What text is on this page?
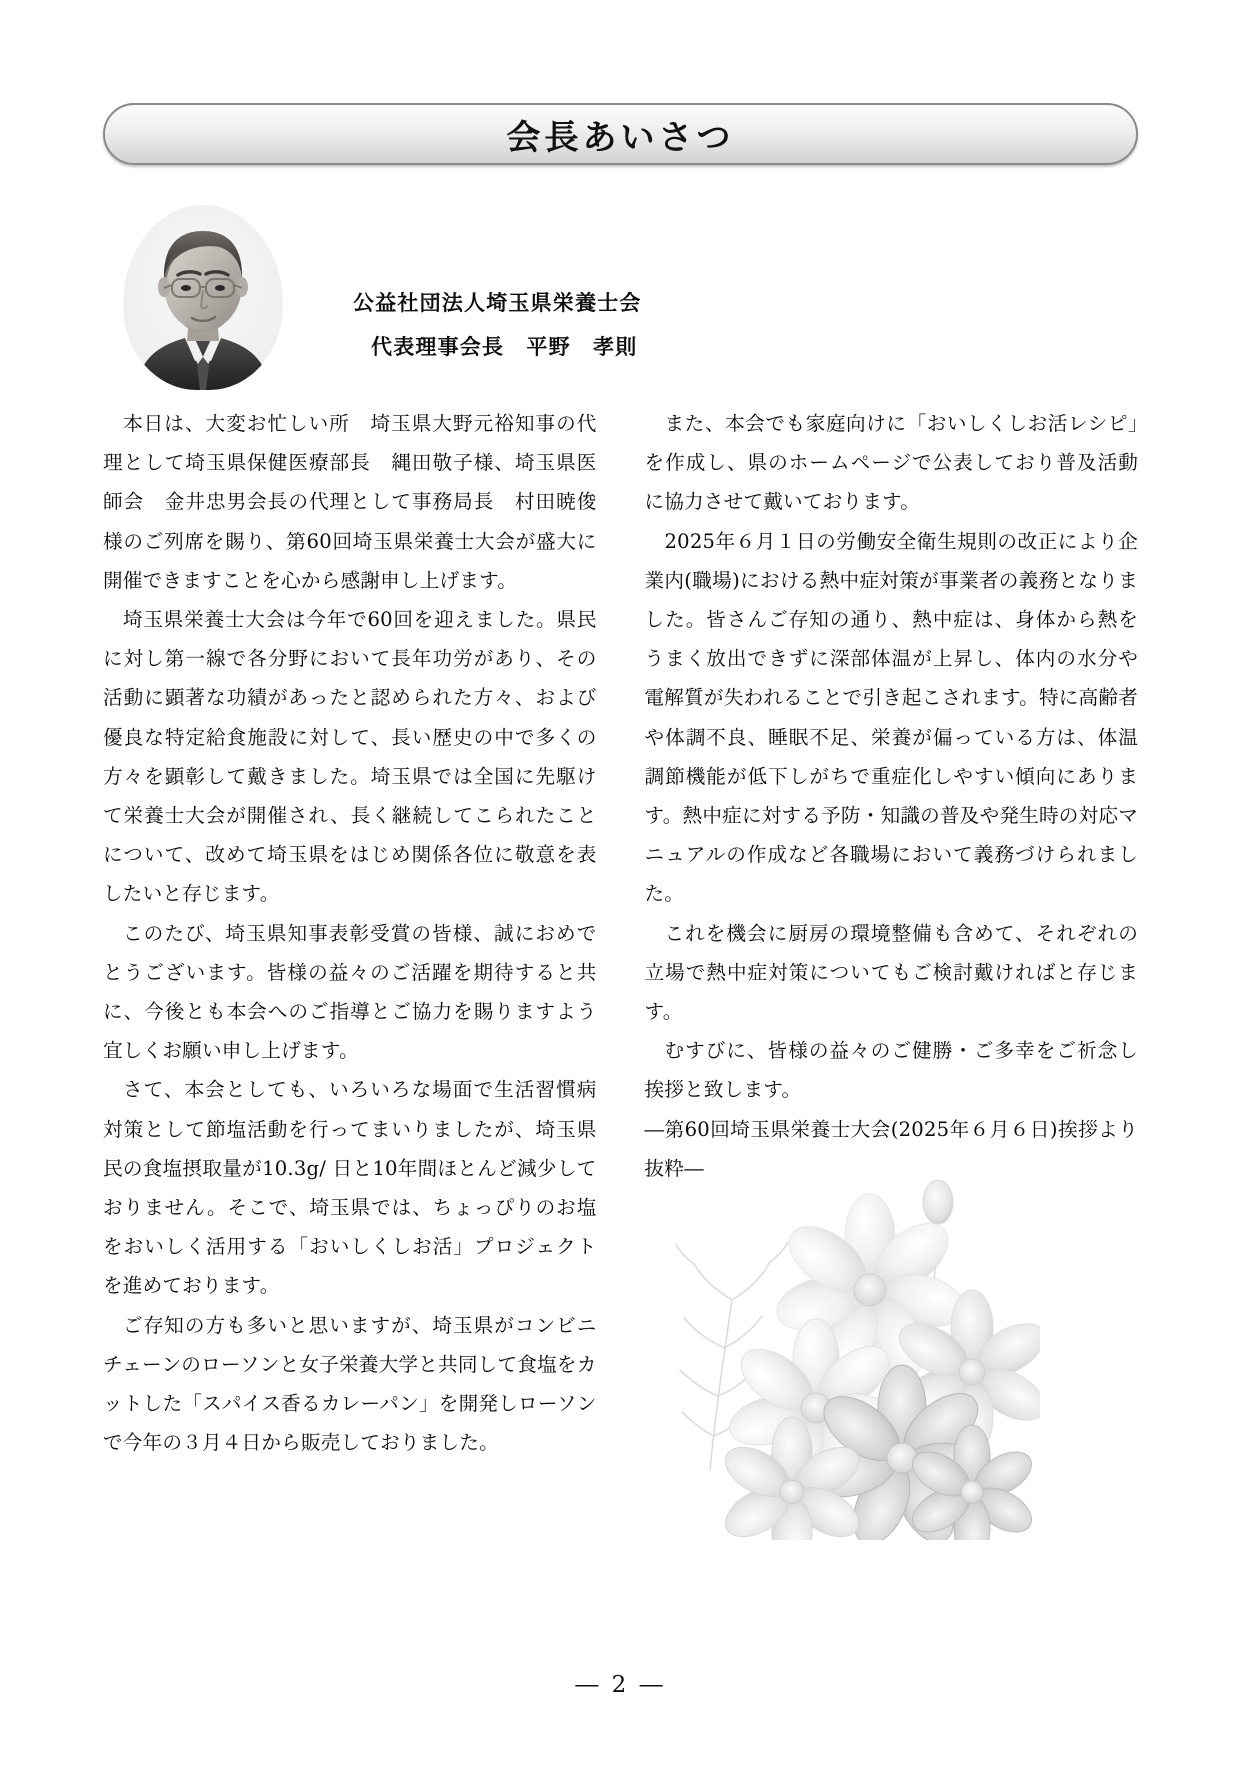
会長あいさつ
公益社団法人埼玉県栄養士会
代表理事会長　平野　孝則

本日は、大変お忙しい所　埼玉県大野元裕知事の代理として埼玉県保健医療部長　縄田敬子様、埼玉県医師会　金井忠男会長の代理として事務局長　村田暁俊様のご列席を賜り、第60回埼玉県栄養士大会が盛大に開催できますことを心から感謝申し上げます。

埼玉県栄養士大会は今年で60回を迎えました。県民に対し第一線で各分野において長年功労があり、その活動に顕著な功績があったと認められた方々、および優良な特定給食施設に対して、長い歴史の中で多くの方々を顕彰して戴きました。埼玉県では全国に先駆けて栄養士大会が開催され、長く継続してこられたことについて、改めて埼玉県をはじめ関係各位に敬意を表したいと存じます。

このたび、埼玉県知事表彰受賞の皆様、誠におめでとうございます。皆様の益々のご活躍を期待すると共に、今後とも本会へのご指導とご協力を賜りますよう宜しくお願い申し上げます。

さて、本会としても、いろいろな場面で生活習慣病対策として節塩活動を行ってまいりましたが、埼玉県民の食塩摂取量が10.3g/ 日と10年間ほとんど減少しておりません。そこで、埼玉県では、ちょっぴりのお塩をおいしく活用する「おいしくしお活」プロジェクトを進めております。

ご存知の方も多いと思いますが、埼玉県がコンビニチェーンのローソンと女子栄養大学と共同して食塩をカットした「スパイス香るカレーパン」を開発しローソンで今年の３月４日から販売しておりました。

また、本会でも家庭向けに「おいしくしお活レシピ」を作成し、県のホームページで公表しており普及活動に協力させて戴いております。

2025年６月１日の労働安全衛生規則の改正により企業内(職場)における熱中症対策が事業者の義務となりました。皆さんご存知の通り、熱中症は、身体から熱をうまく放出できずに深部体温が上昇し、体内の水分や電解質が失われることで引き起こされます。特に高齢者や体調不良、睡眠不足、栄養が偏っている方は、体温調節機能が低下しがちで重症化しやすい傾向にあります。熱中症に対する予防・知識の普及や発生時の対応マニュアルの作成など各職場において義務づけられました。

これを機会に厨房の環境整備も含めて、それぞれの立場で熱中症対策についてもご検討戴ければと存じます。

むすびに、皆様の益々のご健勝・ご多幸をご祈念し挨拶と致します。

―第60回埼玉県栄養士大会(2025年６月６日)挨拶より抜粋―

― 2 ―
